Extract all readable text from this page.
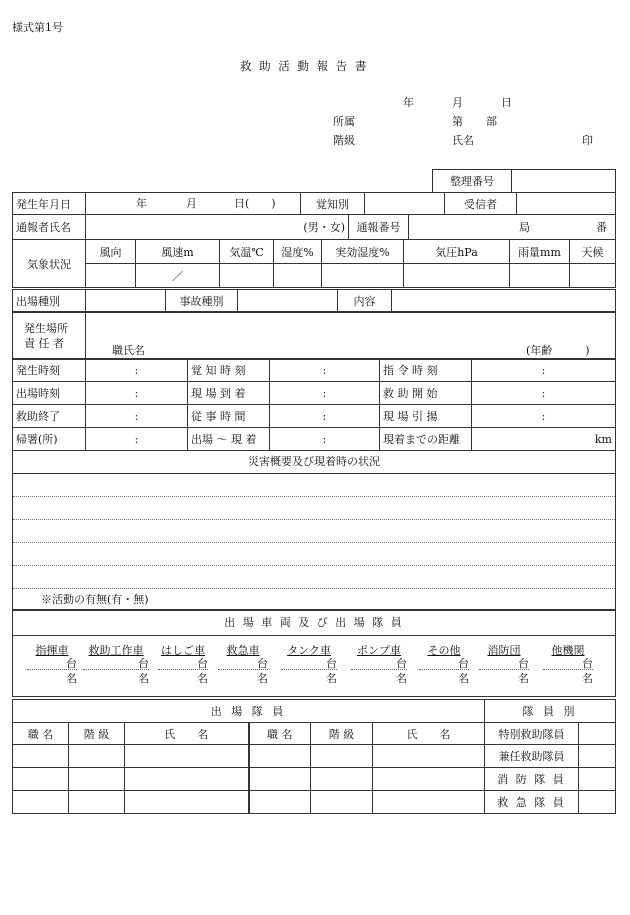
様式第1号
救 助 活 動 報 告 書
年	月	日
所属	第 部
階級	氏名	印
整理番号	
発生年月日	年	月	日(　　)	覚知別		受信者	
通報者氏名	(男・女)	通報番号	局	番
気象状況	風向	風速m	気温℃	湿度%	実効湿度%	気圧hPa	雨量mm	天候
		／						
出場種別		事故種別		内容	
発生場所
責 任 者

職氏名	(年齢　　　)
発生時刻	:	覚 知 時 刻	:	指 令 時 刻	:
出場時刻	:	現 場 到 着	:	救 助 開 始	:
救助終了	:	従 事 時 間	:	現 場 引 揚	:
帰署(所)	:	出場 ～ 現 着	:	現着までの距離	km
災害概要及び現着時の状況
※活動の有無(有・無)
出 場 車 両 及 び 出 場 隊 員
指揮車
台
名
救助工作車
台
名
はしご車
台
名
救急車
台
名
タンク車
台
名
ポンプ車
台
名
その他
台
名
消防団
台
名
他機関
台
名
出 場 隊 員						隊 員 別	
職 名	階 級	氏　　名	職 名	階 級	氏　　名	特別救助隊員	
						兼任救助隊員	
						消 防 隊 員	
						救 急 隊 員	
